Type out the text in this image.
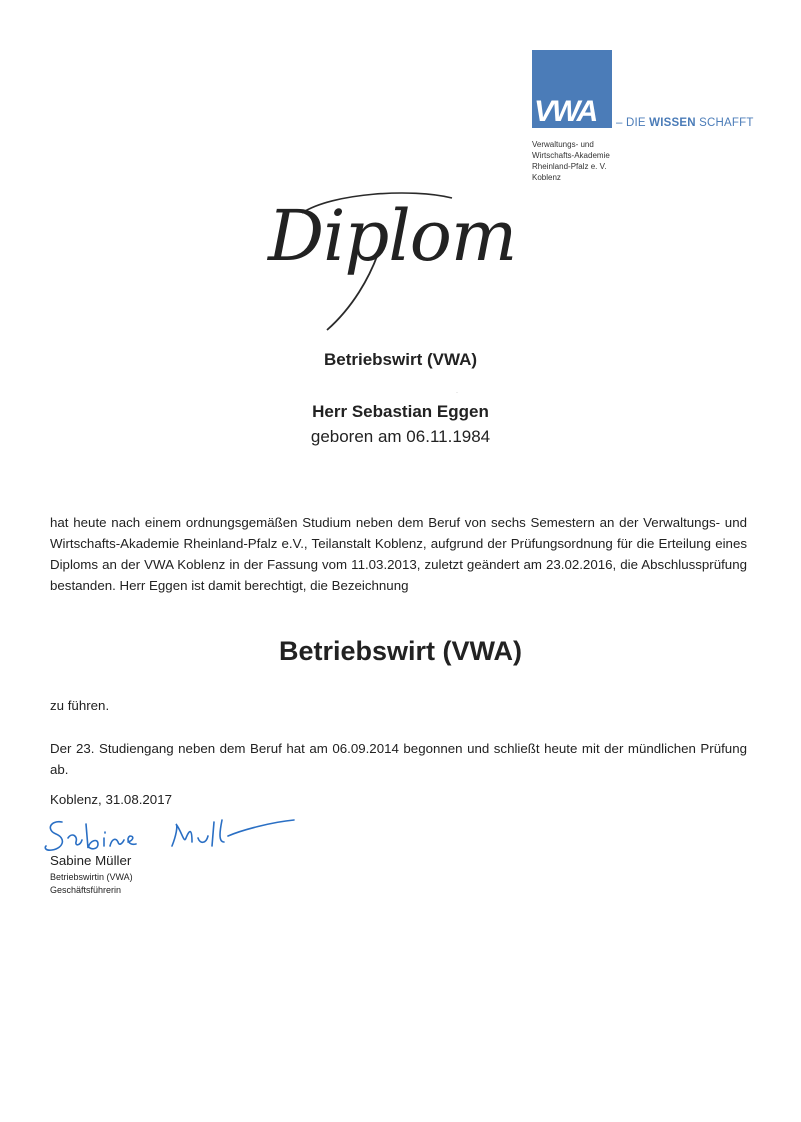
VWA – DIE WISSEN SCHAFFT
Verwaltungs- und
Wirtschafts-Akademie
Rheinland-Pfalz e. V.
Koblenz
Diplom
Betriebswirt (VWA)
·
Herr Sebastian Eggen
geboren am 06.11.1984
hat heute nach einem ordnungsgemäßen Studium neben dem Beruf von sechs Semestern an der Verwaltungs- und Wirtschafts-Akademie Rheinland-Pfalz e.V., Teilanstalt Koblenz, aufgrund der Prüfungsordnung für die Erteilung eines Diploms an der VWA Koblenz in der Fassung vom 11.03.2013, zuletzt geändert am 23.02.2016, die Abschlussprüfung bestanden. Herr Eggen ist damit berechtigt, die Bezeichnung
Betriebswirt (VWA)
zu führen.
Der 23. Studiengang neben dem Beruf hat am 06.09.2014 begonnen und schließt heute mit der mündlichen Prüfung ab.
Koblenz, 31.08.2017
Sabine Müller
Betriebswirtin (VWA)
Geschäftsführerin
